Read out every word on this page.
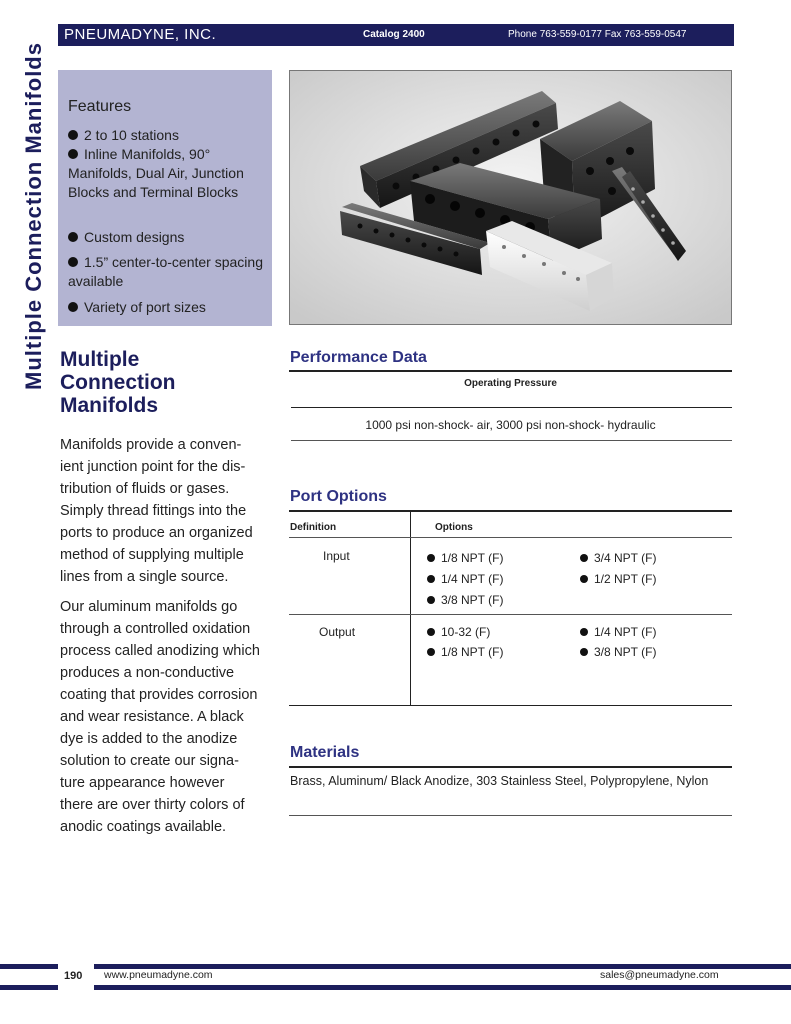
PNEUMADYNE, INC.	Catalog 2400	Phone 763-559-0177 Fax 763-559-0547
Multiple Connection Manifolds Features
2 to 10 stations
Inline Manifolds, 90° Manifolds, Dual Air, Junction Blocks and Terminal Blocks
Custom designs
1.5” center-to-center spacing available
Variety of port sizes
Multiple
Connection
Manifolds
Manifolds provide a conven-
ient junction point for the dis-
tribution of fluids or gases.
Simply thread fittings into the
ports to produce an organized
method of supplying multiple
lines from a single source.
Our aluminum manifolds go
through a controlled oxidation
process called anodizing which
produces a non-conductive
coating that provides corrosion
and wear resistance. A black
dye is added to the anodize
solution to create our signa-
ture appearance however
there are over thirty colors of
anodic coatings available.
Performance Data
Operating Pressure
1000 psi non-shock- air, 3000 psi non-shock- hydraulic
Port Options
Definition	Options
Input	1/8 NPT (F)	3/4 NPT (F)
1/4 NPT (F)	1/2 NPT (F)
3/8 NPT (F)
Output	10-32 (F)	1/4 NPT (F)
1/8 NPT (F)	3/8 NPT (F)
Materials
Brass, Aluminum/ Black Anodize, 303 Stainless Steel, Polypropylene, Nylon
190 www.pneumadyne.com	sales@pneumadyne.com
